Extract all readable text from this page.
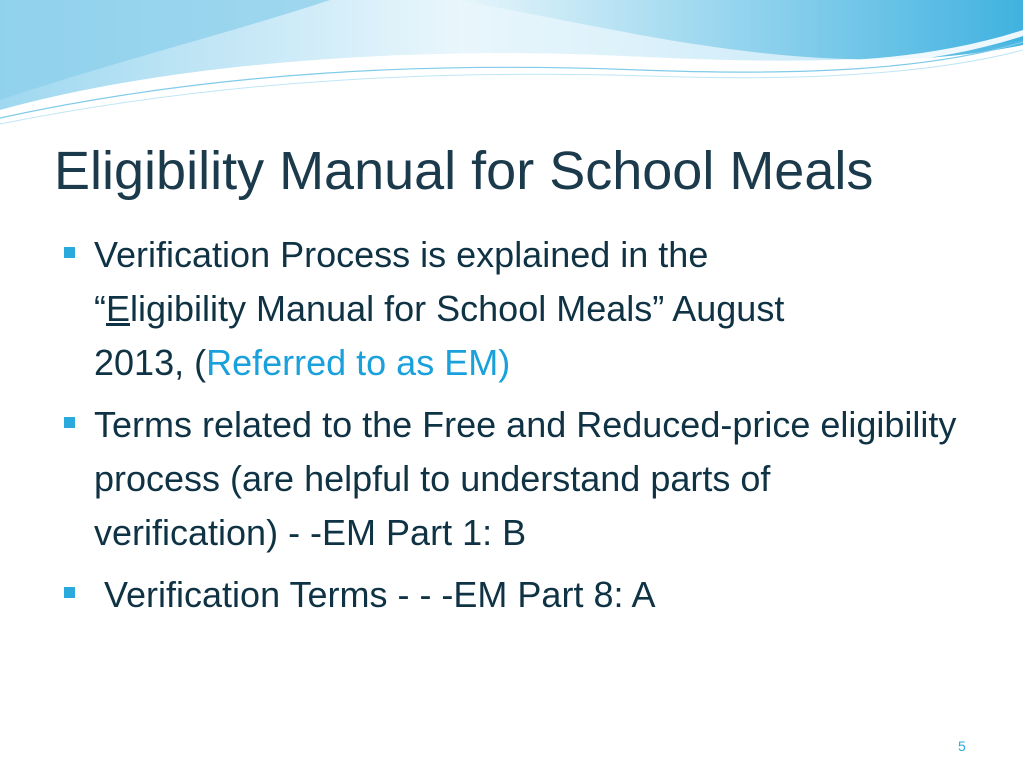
Eligibility Manual for School Meals
Verification Process is explained in the
“Eligibility Manual for School Meals” August
2013, (Referred to as EM)
Terms related to the Free and Reduced-price eligibility process (are helpful to understand parts of verification) - -EM Part 1: B
Verification Terms - - -EM Part 8: A
5
